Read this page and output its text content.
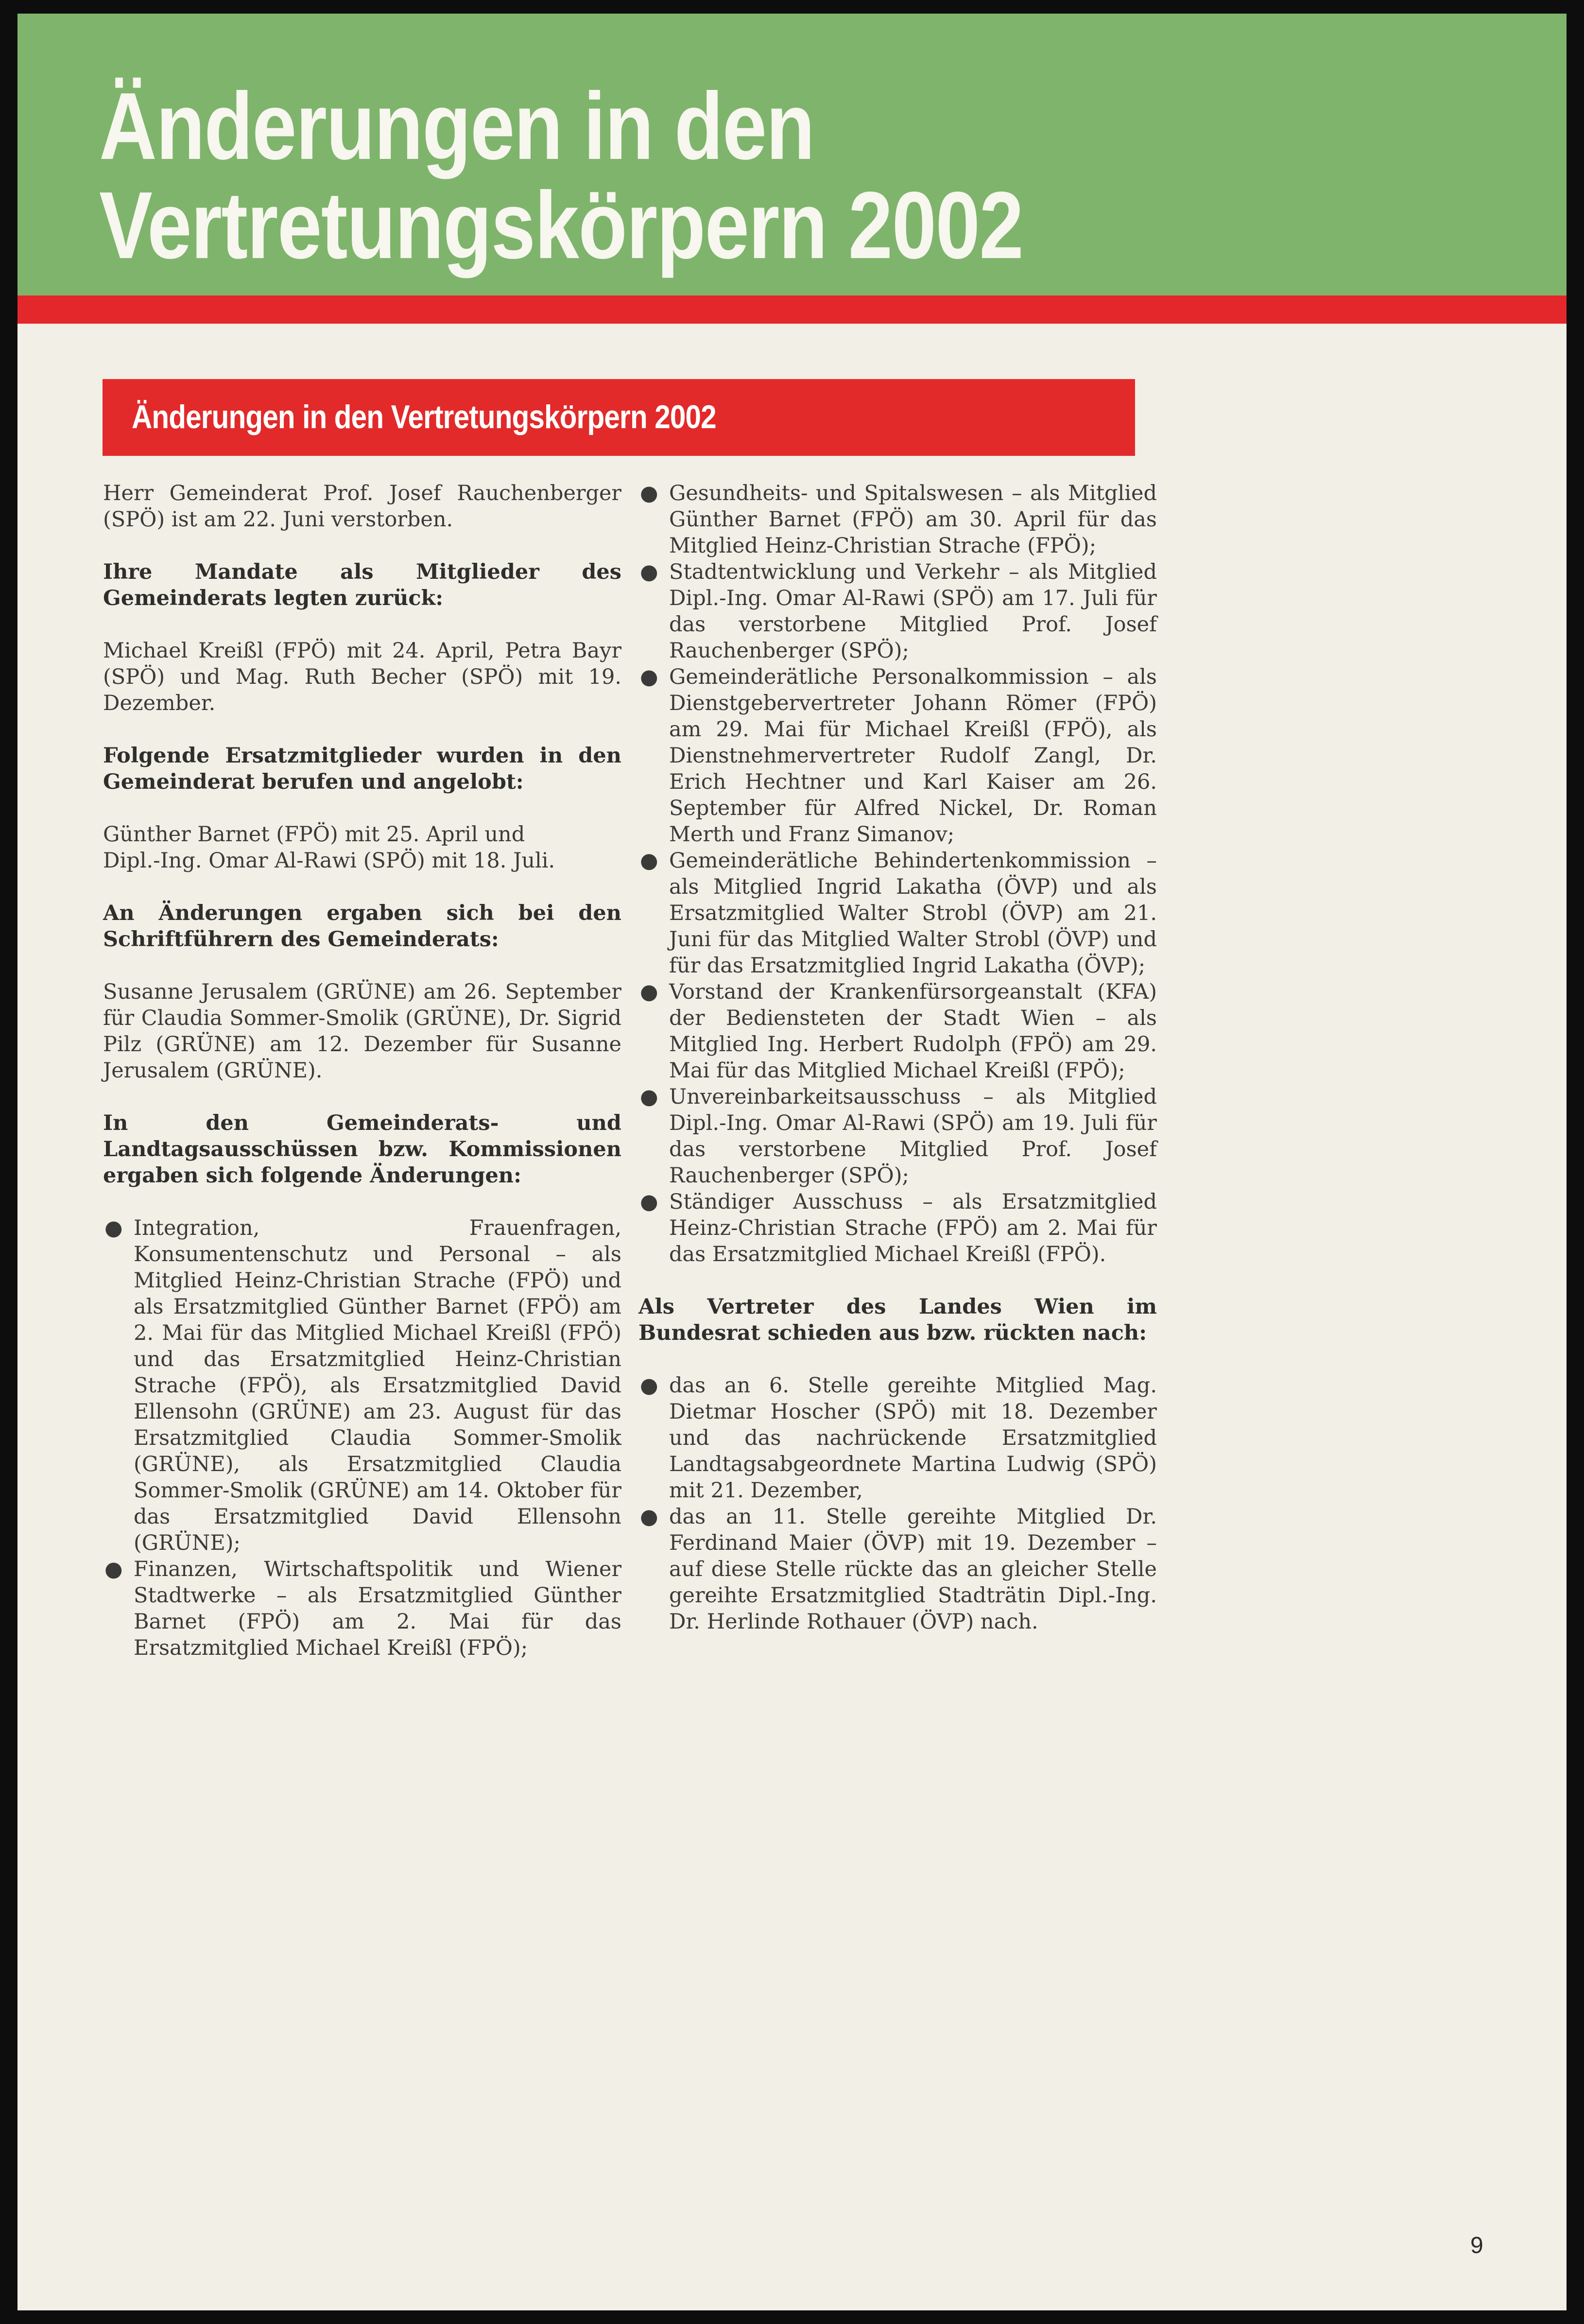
Änderungen in den
Vertretungskörpern 2002
Änderungen in den Vertretungskörpern 2002

Herr Gemeinderat Prof. Josef Rauchenberger (SPÖ) ist am 22. Juni verstorben.

Ihre Mandate als Mitglieder des Gemeinderats legten zurück:

Michael Kreißl (FPÖ) mit 24. April, Petra Bayr (SPÖ) und Mag. Ruth Becher (SPÖ) mit 19. Dezember.

Folgende Ersatzmitglieder wurden in den Gemeinderat berufen und angelobt:

Günther Barnet (FPÖ) mit 25. April und
Dipl.-Ing. Omar Al-Rawi (SPÖ) mit 18. Juli.

An Änderungen ergaben sich bei den Schriftführern des Gemeinderats:

Susanne Jerusalem (GRÜNE) am 26. September für Claudia Sommer-Smolik (GRÜNE), Dr. Sigrid Pilz (GRÜNE) am 12. Dezember für Susanne Jerusalem (GRÜNE).

In den Gemeinderats- und Landtagsausschüssen bzw. Kommissionen ergaben sich folgende Änderungen:

● Integration, Frauenfragen, Konsumentenschutz und Personal – als Mitglied Heinz-Christian Strache (FPÖ) und als Ersatzmitglied Günther Barnet (FPÖ) am 2. Mai für das Mitglied Michael Kreißl (FPÖ) und das Ersatzmitglied Heinz-Christian Strache (FPÖ), als Ersatzmitglied David Ellensohn (GRÜNE) am 23. August für das Ersatzmitglied Claudia Sommer-Smolik (GRÜNE), als Ersatzmitglied Claudia Sommer-Smolik (GRÜNE) am 14. Oktober für das Ersatzmitglied David Ellensohn (GRÜNE);
● Finanzen, Wirtschaftspolitik und Wiener Stadtwerke – als Ersatzmitglied Günther Barnet (FPÖ) am 2. Mai für das Ersatzmitglied Michael Kreißl (FPÖ);
● Gesundheits- und Spitalswesen – als Mitglied Günther Barnet (FPÖ) am 30. April für das Mitglied Heinz-Christian Strache (FPÖ);
● Stadtentwicklung und Verkehr – als Mitglied Dipl.-Ing. Omar Al-Rawi (SPÖ) am 17. Juli für das verstorbene Mitglied Prof. Josef Rauchenberger (SPÖ);
● Gemeinderätliche Personalkommission – als Dienstgebervertreter Johann Römer (FPÖ) am 29. Mai für Michael Kreißl (FPÖ), als Dienstnehmervertreter Rudolf Zangl, Dr. Erich Hechtner und Karl Kaiser am 26. September für Alfred Nickel, Dr. Roman Merth und Franz Simanov;
● Gemeinderätliche Behindertenkommission – als Mitglied Ingrid Lakatha (ÖVP) und als Ersatzmitglied Walter Strobl (ÖVP) am 21. Juni für das Mitglied Walter Strobl (ÖVP) und für das Ersatzmitglied Ingrid Lakatha (ÖVP);
● Vorstand der Krankenfürsorgeanstalt (KFA) der Bediensteten der Stadt Wien – als Mitglied Ing. Herbert Rudolph (FPÖ) am 29. Mai für das Mitglied Michael Kreißl (FPÖ);
● Unvereinbarkeitsausschuss – als Mitglied Dipl.-Ing. Omar Al-Rawi (SPÖ) am 19. Juli für das verstorbene Mitglied Prof. Josef Rauchenberger (SPÖ);
● Ständiger Ausschuss – als Ersatzmitglied Heinz-Christian Strache (FPÖ) am 2. Mai für das Ersatzmitglied Michael Kreißl (FPÖ).

Als Vertreter des Landes Wien im Bundesrat schieden aus bzw. rückten nach:

● das an 6. Stelle gereihte Mitglied Mag. Dietmar Hoscher (SPÖ) mit 18. Dezember und das nachrückende Ersatzmitglied Landtagsabgeordnete Martina Ludwig (SPÖ) mit 21. Dezember,
● das an 11. Stelle gereihte Mitglied Dr. Ferdinand Maier (ÖVP) mit 19. Dezember – auf diese Stelle rückte das an gleicher Stelle gereihte Ersatzmitglied Stadträtin Dipl.-Ing. Dr. Herlinde Rothauer (ÖVP) nach.
9
